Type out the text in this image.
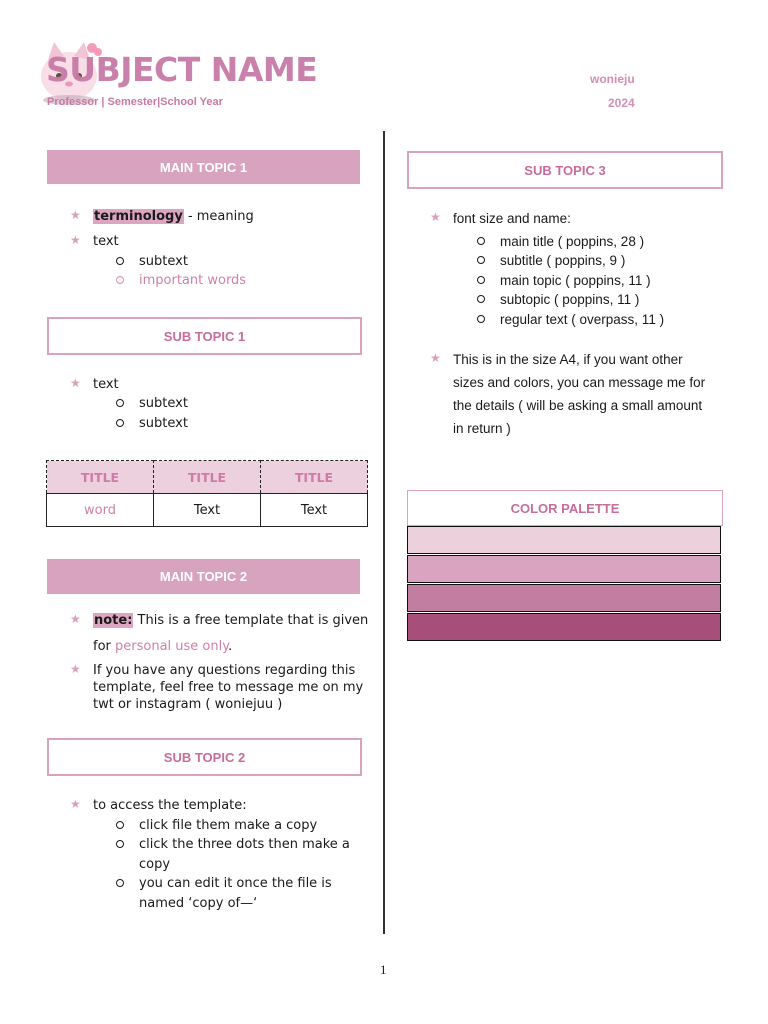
SUBJECT NAME
Professor | Semester|School Year
wonieju
2024
MAIN TOPIC 1
★ terminology - meaning
★ text
subtext
important words
SUB TOPIC 1
★ text
subtext
subtext
TITLE	TITLE	TITLE
word	Text	Text
MAIN TOPIC 2
★ note: This is a free template that is given
for personal use only.
★ If you have any questions regarding this
template, feel free to message me on my
twt or instagram ( woniejuu )
SUB TOPIC 2
★ to access the template:
click file them make a copy
click the three dots then make a
copy
you can edit it once the file is
named ‘copy of—‘
SUB TOPIC 3
★ font size and name:
main title ( poppins, 28 )
subtitle ( poppins, 9 )
main topic ( poppins, 11 )
subtopic ( poppins, 11 )
regular text ( overpass, 11 )
★ This is in the size A4, if you want other
sizes and colors, you can message me for
the details ( will be asking a small amount
in return )
COLOR PALETTE
1
